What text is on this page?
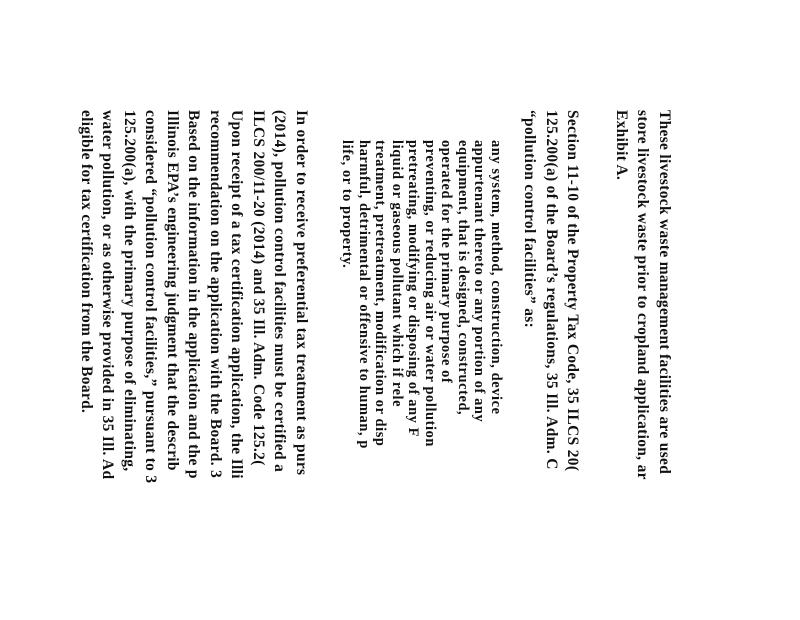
These livestock waste management facilities are used

store livestock waste prior to cropland application, ar

Exhibit A.

Section 11-10 of the Property Tax Code, 35 ILCS 20(

125.200(a) of the Board’s regulations, 35 Ill. Adm. C

“pollution control facilities” as:

any system, method, construction, device

appurtenant thereto or any portion of any

equipment, that is designed, constructed,

operated for the primary purpose of

preventing, or reducing air or water pollution

pretreating, modifying or disposing of any F

liquid or gaseous pollutant which if rele

treatment, pretreatment, modification or disp

harmful, detrimental or offensive to human, p

life, or to property.

In order to receive preferential tax treatment as purs

(2014), pollution control facilities must be certified a

ILCS 200/11-20 (2014) and 35 Ill. Adm. Code 125.2(

Upon receipt of a tax certification application, the Illi

recommendation on the application with the Board. 3

Based on the information in the application and the p

Illinois EPA’s engineering judgment that the describ

considered “pollution control facilities,” pursuant to 3

125.200(a), with the primary purpose of eliminating,

water pollution, or as otherwise provided in 35 Ill. Ad

eligible for tax certification from the Board.
